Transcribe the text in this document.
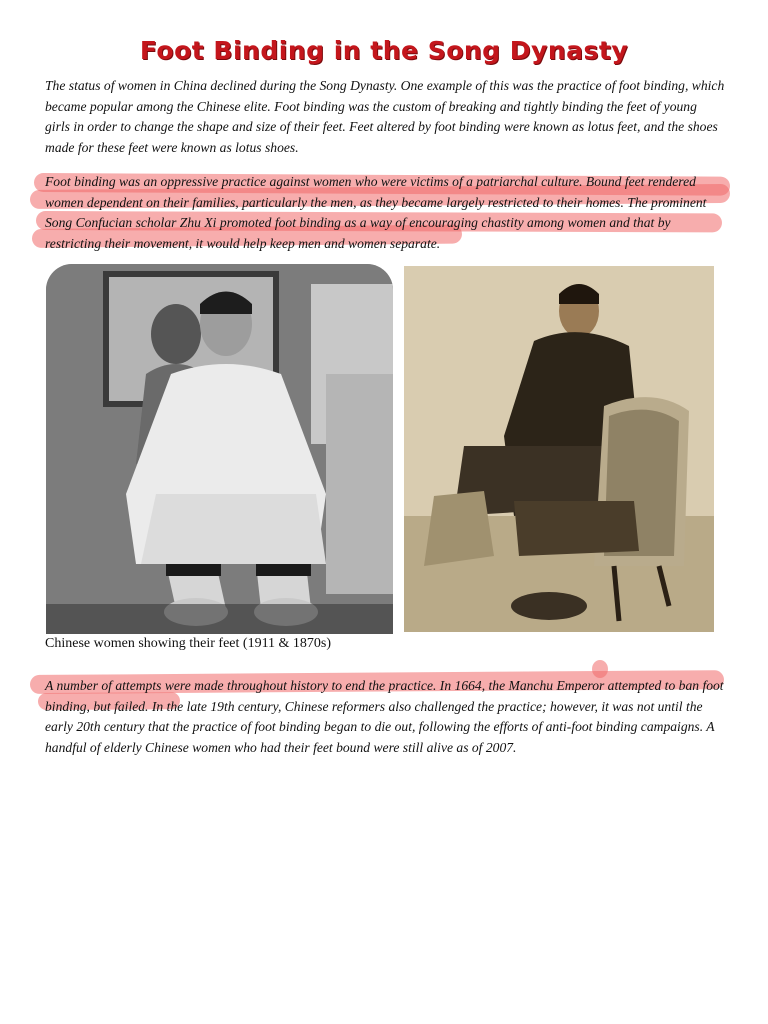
Foot Binding in the Song Dynasty

The status of women in China declined during the Song Dynasty. One example of this was the practice of foot binding, which became popular among the Chinese elite. Foot binding was the custom of breaking and tightly binding the feet of young girls in order to change the shape and size of their feet. Feet altered by foot binding were known as lotus feet, and the shoes made for these feet were known as lotus shoes.

Foot binding was an oppressive practice against women who were victims of a patriarchal culture. Bound feet rendered women dependent on their families, particularly the men, as they became largely restricted to their homes. The prominent Song Confucian scholar Zhu Xi promoted foot binding as a way of encouraging chastity among women and that by restricting their movement, it would help keep men and women separate.

Chinese women showing their feet (1911 & 1870s)

A number of attempts were made throughout history to end the practice. In 1664, the Manchu Emperor attempted to ban foot binding, but failed. In the late 19th century, Chinese reformers also challenged the practice; however, it was not until the early 20th century that the practice of foot binding began to die out, following the efforts of anti-foot binding campaigns. A handful of elderly Chinese women who had their feet bound were still alive as of 2007.
